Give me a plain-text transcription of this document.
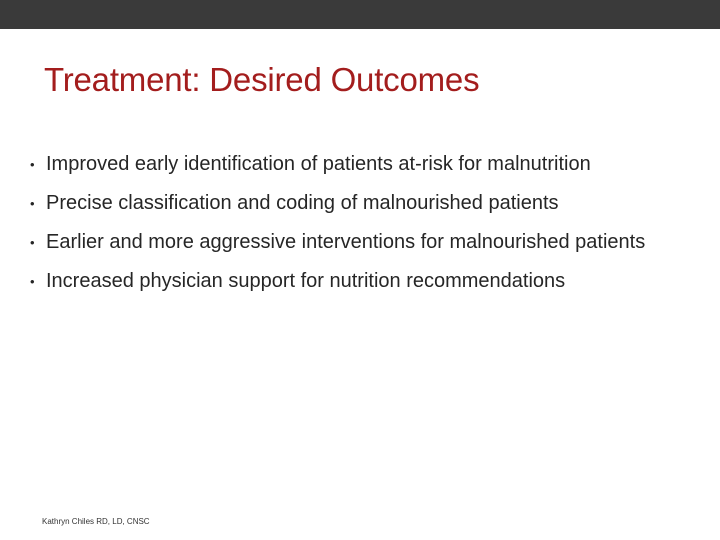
Treatment: Desired Outcomes
• Improved early identification of patients at-risk for malnutrition
• Precise classification and coding of malnourished patients
• Earlier and more aggressive interventions for malnourished patients
• Increased physician support for nutrition recommendations
Kathryn Chiles RD, LD, CNSC
